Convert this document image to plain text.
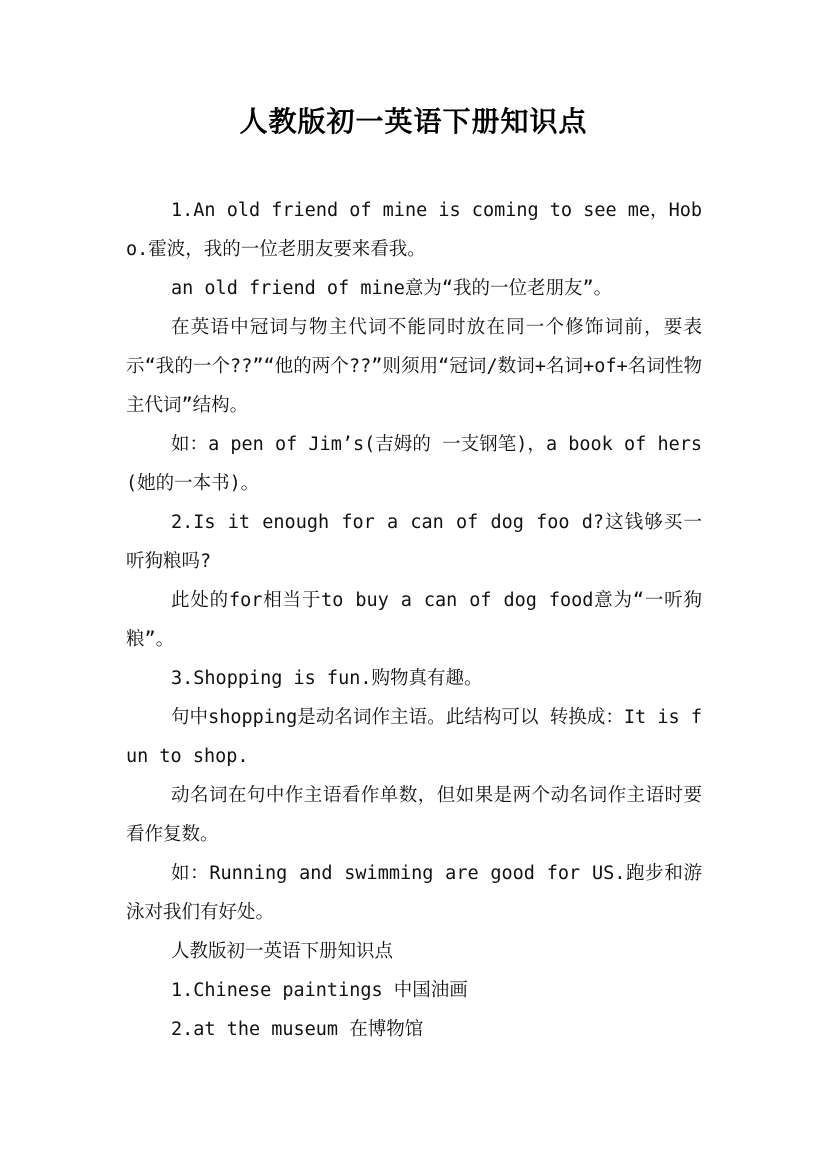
人教版初一英语下册知识点

1.An old friend of mine is coming to see me，Hobo.霍波，我的一位老朋友要来看我。

an old friend of mine意为“我的一位老朋友”。

在英语中冠词与物主代词不能同时放在同一个修饰词前，要表示“我的一个??”“他的两个??”则须用“冠词/数词+名词+of+名词性物主代词”结构。

如：a pen of Jim’s(吉姆的 一支钢笔)，a book of hers(她的一本书)。

2.Is it enough for a can of dog foo d?这钱够买一听狗粮吗?

此处的for相当于to buy a can of dog food意为“一听狗粮”。

3.Shopping is fun.购物真有趣。

句中shopping是动名词作主语。此结构可以 转换成：It is fun to shop.

动名词在句中作主语看作单数，但如果是两个动名词作主语时要看作复数。

如：Running and swimming are good for US.跑步和游泳对我们有好处。

人教版初一英语下册知识点

1.Chinese paintings 中国油画

2.at the museum 在博物馆
